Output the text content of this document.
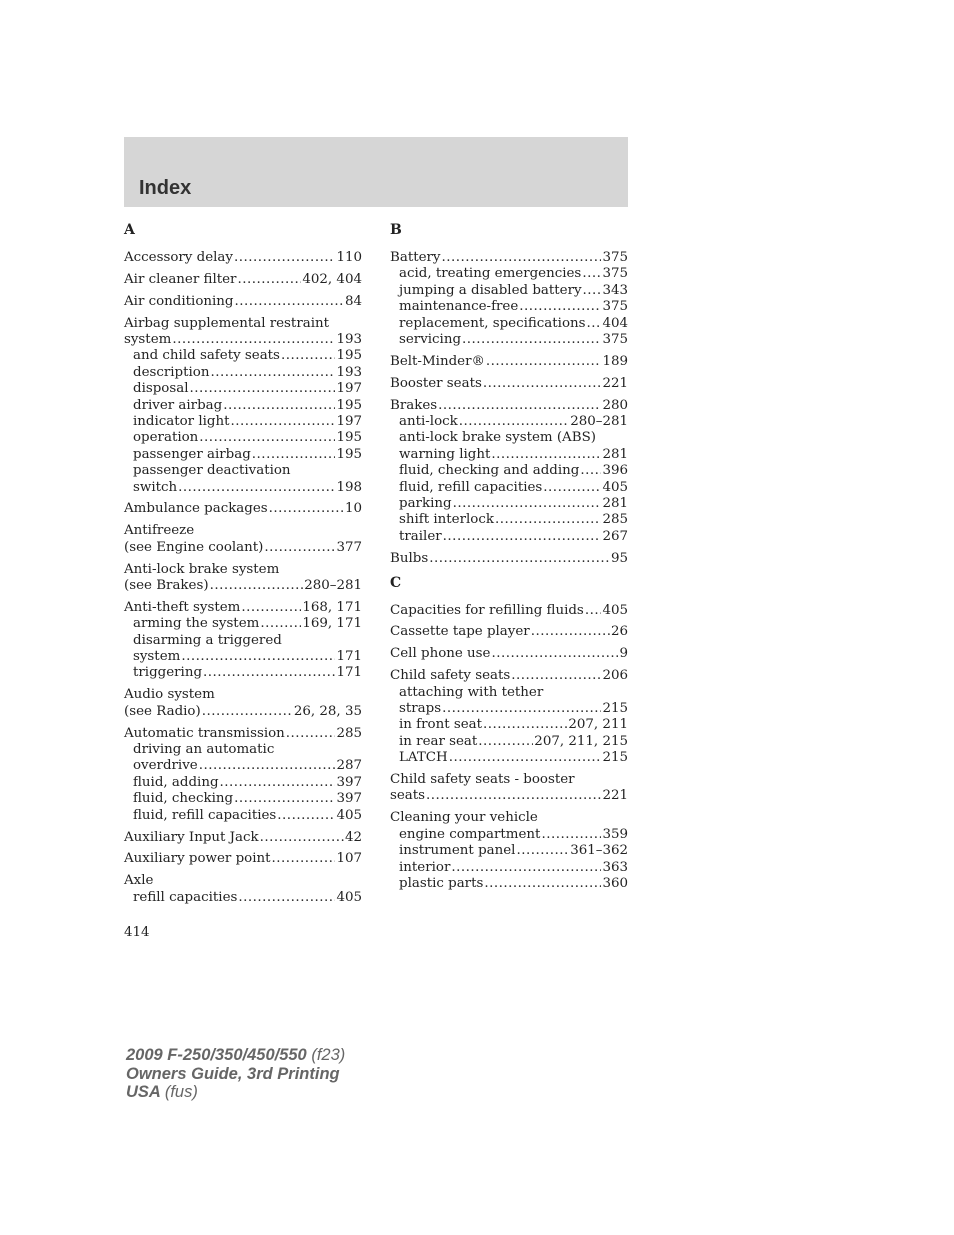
Index
A
Accessory delay .....	110
Air cleaner filter .....	402, 404
Air conditioning .....	84
Airbag supplemental restraint
system .....	193
and child safety seats .....	195
description .....	193
disposal .....	197
driver airbag .....	195
indicator light .....	197
operation .....	195
passenger airbag .....	195
passenger deactivation
switch .....	198
Ambulance packages .....	10
Antifreeze
(see Engine coolant) .....	377
Anti-lock brake system
(see Brakes) .....	280–281
Anti-theft system .....	168, 171
arming the system .....	169, 171
disarming a triggered
system .....	171
triggering .....	171
Audio system
(see Radio) .....	26, 28, 35
Automatic transmission .....	285
driving an automatic
overdrive .....	287
fluid, adding .....	397
fluid, checking .....	397
fluid, refill capacities .....	405
Auxiliary Input Jack .....	42
Auxiliary power point .....	107
Axle
refill capacities .....	405
B
Battery .....	375
acid, treating emergencies ..... 375
jumping a disabled battery ..... 343
maintenance-free .....	375
replacement, specifications ..... 404
servicing .....	375
Belt-Minder® .....	189
Booster seats .....	221
Brakes .....	280
anti-lock .....	280–281
anti-lock brake system (ABS)
warning light .....	281
fluid, checking and adding ..... 396
fluid, refill capacities .....	405
parking .....	281
shift interlock .....	285
trailer .....	267
Bulbs .....	95
C
Capacities for refilling fluids ..... 405
Cassette tape player .....	26
Cell phone use .....	9
Child safety seats .....	206
attaching with tether
straps .....	215
in front seat .....	207, 211
in rear seat .....	207, 211, 215
LATCH .....	215
Child safety seats - booster
seats .....	221
Cleaning your vehicle
engine compartment .....	359
instrument panel .....	361–362
interior .....	363
plastic parts .....	360
414
2009 F-250/350/450/550 (f23)
Owners Guide, 3rd Printing
USA (fus)
